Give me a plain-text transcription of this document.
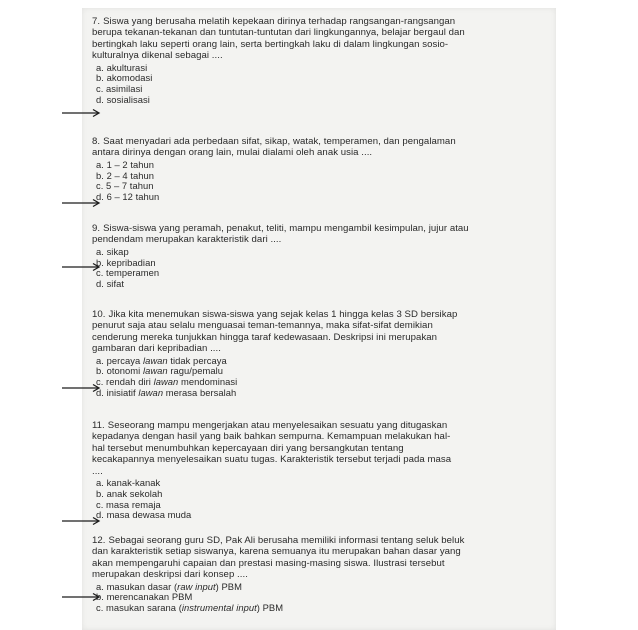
7. Siswa yang berusaha melatih kepekaan dirinya terhadap rangsangan-rangsangan
berupa tekanan-tekanan dan tuntutan-tuntutan dari lingkungannya, belajar bergaul dan
bertingkah laku seperti orang lain, serta bertingkah laku di dalam lingkungan sosio-
kulturalnya dikenal sebagai ....

a. akulturasi
b. akomodasi
c. asimilasi
d. sosialisasi

8. Saat menyadari ada perbedaan sifat, sikap, watak, temperamen, dan pengalaman
antara dirinya dengan orang lain, mulai dialami oleh anak usia ....

a. 1 – 2 tahun
b. 2 – 4 tahun
c. 5 – 7 tahun
d. 6 – 12 tahun

9. Siswa-siswa yang peramah, penakut, teliti, mampu mengambil kesimpulan, jujur atau
pendendam merupakan karakteristik dari ....

a. sikap
b. kepribadian
c. temperamen
d. sifat

10. Jika kita menemukan siswa-siswa yang sejak kelas 1 hingga kelas 3 SD bersikap
penurut saja atau selalu menguasai teman-temannya, maka sifat-sifat demikian
cenderung mereka tunjukkan hingga taraf kedewasaan. Deskripsi ini merupakan
gambaran dari kepribadian ....

a. percaya lawan tidak percaya
b. otonomi lawan ragu/pemalu
c. rendah diri lawan mendominasi
d. inisiatif lawan merasa bersalah

11. Seseorang mampu mengerjakan atau menyelesaikan sesuatu yang ditugaskan
kepadanya dengan hasil yang baik bahkan sempurna. Kemampuan melakukan hal-
hal tersebut menumbuhkan kepercayaan diri yang bersangkutan tentang
kecakapannya menyelesaikan suatu tugas. Karakteristik tersebut terjadi pada masa
....

a. kanak-kanak
b. anak sekolah
c. masa remaja
d. masa dewasa muda

12. Sebagai seorang guru SD, Pak Ali berusaha memiliki informasi tentang seluk beluk
dan karakteristik setiap siswanya, karena semuanya itu merupakan bahan dasar yang
akan mempengaruhi capaian dan prestasi masing-masing siswa. Ilustrasi tersebut
merupakan deskripsi dari konsep ....

a. masukan dasar (raw input) PBM
b. merencanakan PBM
c. masukan sarana (instrumental input) PBM
